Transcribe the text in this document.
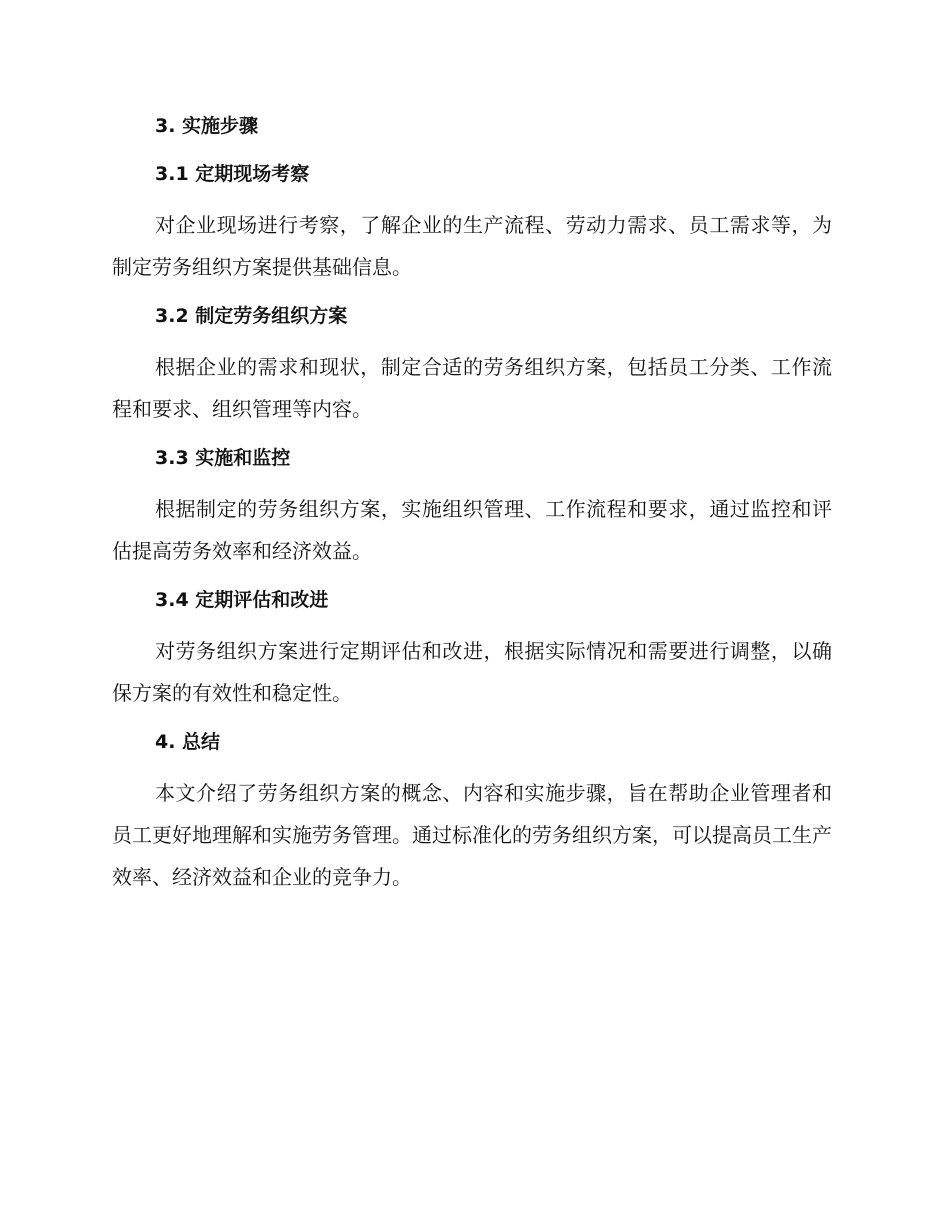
3. 实施步骤
3.1 定期现场考察

对企业现场进行考察，了解企业的生产流程、劳动力需求、员工需求等，为制定劳务组织方案提供基础信息。

3.2 制定劳务组织方案

根据企业的需求和现状，制定合适的劳务组织方案，包括员工分类、工作流程和要求、组织管理等内容。

3.3 实施和监控

根据制定的劳务组织方案，实施组织管理、工作流程和要求，通过监控和评估提高劳务效率和经济效益。

3.4 定期评估和改进

对劳务组织方案进行定期评估和改进，根据实际情况和需要进行调整，以确保方案的有效性和稳定性。

4. 总结

本文介绍了劳务组织方案的概念、内容和实施步骤，旨在帮助企业管理者和员工更好地理解和实施劳务管理。通过标准化的劳务组织方案，可以提高员工生产效率、经济效益和企业的竞争力。
